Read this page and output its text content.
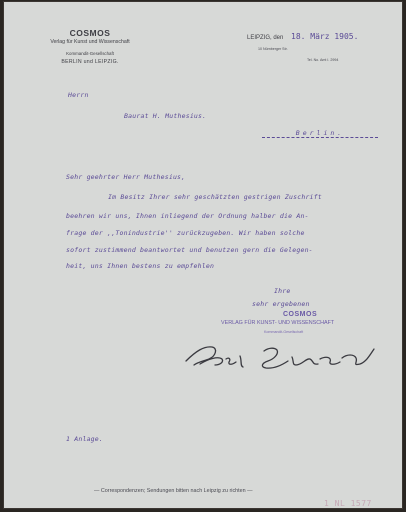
COSMOS
Verlag für Kunst und Wissenschaft
Kommandit-Gesellschaft
BERLIN und LEIPZIG.
LEIPZIG, den 18. März 1905.
10 Nürnberger Str.
Tel. No. Amt I. 2994
Herrn
Baurat H. Muthesius.
Berlin.
Sehr geehrter Herr Muthesius,
Im Besitz Ihrer sehr geschätzten gestrigen Zuschrift
beehren wir uns, Ihnen inliegend der Ordnung halber die An-
frage der ,,Tonindustrie'' zurückzugeben. Wir haben solche
sofort zustimmend beantwortet und benutzen gern die Gelegen-
heit, uns Ihnen bestens zu empfehlen
Ihre
sehr ergebenen
COSMOS
VERLAG FÜR KUNST- UND WISSENSCHAFT
Kommandit-Gesellschaft
1 Anlage.
— Correspondenzen; Sendungen bitten nach Leipzig zu richten —
1 NL 1577
